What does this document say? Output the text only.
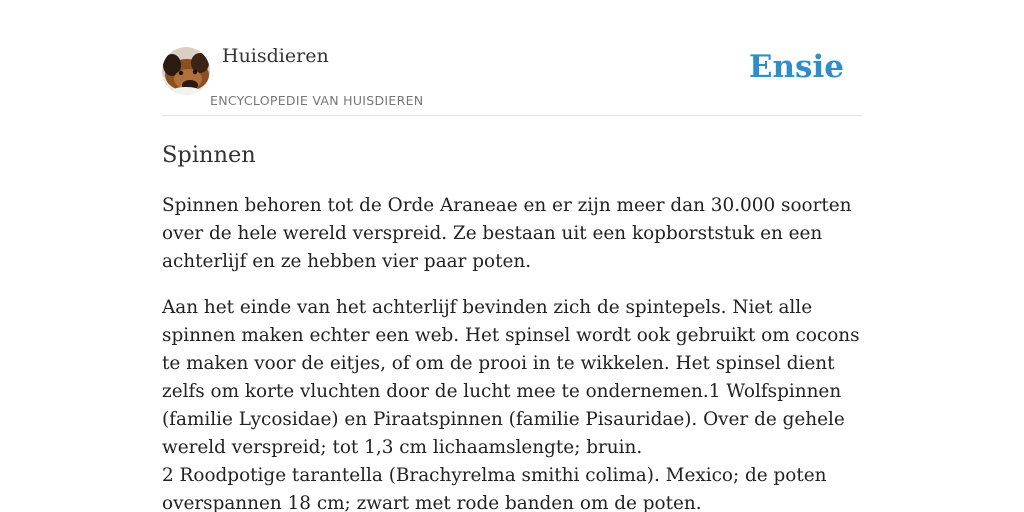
Huisdieren
ENCYCLOPEDIE VAN HUISDIEREN
Ensie
Spinnen

Spinnen behoren tot de Orde Araneae en er zijn meer dan 30.000 soorten over de hele wereld verspreid. Ze bestaan uit een kopborststuk en een achterlijf en ze hebben vier paar poten.

Aan het einde van het achterlijf bevinden zich de spintepels. Niet alle spinnen maken echter een web. Het spinsel wordt ook gebruikt om cocons te maken voor de eitjes, of om de prooi in te wikkelen. Het spinsel dient zelfs om korte vluchten door de lucht mee te ondernemen.1 Wolfspinnen (familie Lycosidae) en Piraatspinnen (familie Pisauridae). Over de gehele wereld verspreid; tot 1,3 cm lichaamslengte; bruin.
2 Roodpotige tarantella (Brachyrelma smithi colima). Mexico; de poten overspannen 18 cm; zwart met rode banden om de poten.
